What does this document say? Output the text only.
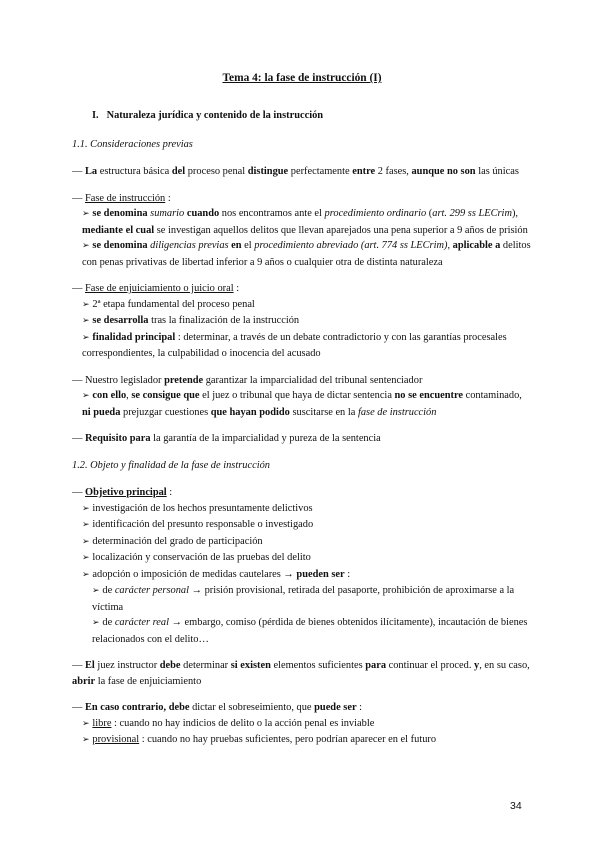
Tema 4: la fase de instrucción (I)
I. Naturaleza jurídica y contenido de la instrucción
1.1. Consideraciones previas
— La estructura básica del proceso penal distingue perfectamente entre 2 fases, aunque no son las únicas
— Fase de instrucción :
➢ se denomina sumario cuando nos encontramos ante el procedimiento ordinario (art. 299 ss LECrim), mediante el cual se investigan aquellos delitos que llevan aparejados una pena superior a 9 años de prisión
➢ se denomina diligencias previas en el procedimiento abreviado (art. 774 ss LECrim), aplicable a delitos con penas privativas de libertad inferior a 9 años o cualquier otra de distinta naturaleza
— Fase de enjuiciamiento o juicio oral :
➢ 2ª etapa fundamental del proceso penal
➢ se desarrolla tras la finalización de la instrucción
➢ finalidad principal : determinar, a través de un debate contradictorio y con las garantías procesales correspondientes, la culpabilidad o inocencia del acusado
— Nuestro legislador pretende garantizar la imparcialidad del tribunal sentenciador
➢ con ello, se consigue que el juez o tribunal que haya de dictar sentencia no se encuentre contaminado, ni pueda prejuzgar cuestiones que hayan podido suscitarse en la fase de instrucción
— Requisito para la garantía de la imparcialidad y pureza de la sentencia
1.2. Objeto y finalidad de la fase de instrucción
— Objetivo principal :
➢ investigación de los hechos presuntamente delictivos
➢ identificación del presunto responsable o investigado
➢ determinación del grado de participación
➢ localización y conservación de las pruebas del delito
➢ adopción o imposición de medidas cautelares → pueden ser :
➢ de carácter personal → prisión provisional, retirada del pasaporte, prohibición de aproximarse a la víctima
➢ de carácter real → embargo, comiso (pérdida de bienes obtenidos ilícitamente), incautación de bienes relacionados con el delito…
— El juez instructor debe determinar si existen elementos suficientes para continuar el proced. y, en su caso, abrir la fase de enjuiciamiento
— En caso contrario, debe dictar el sobreseimiento, que puede ser :
➢ libre : cuando no hay indicios de delito o la acción penal es inviable
➢ provisional : cuando no hay pruebas suficientes, pero podrían aparecer en el futuro
34
